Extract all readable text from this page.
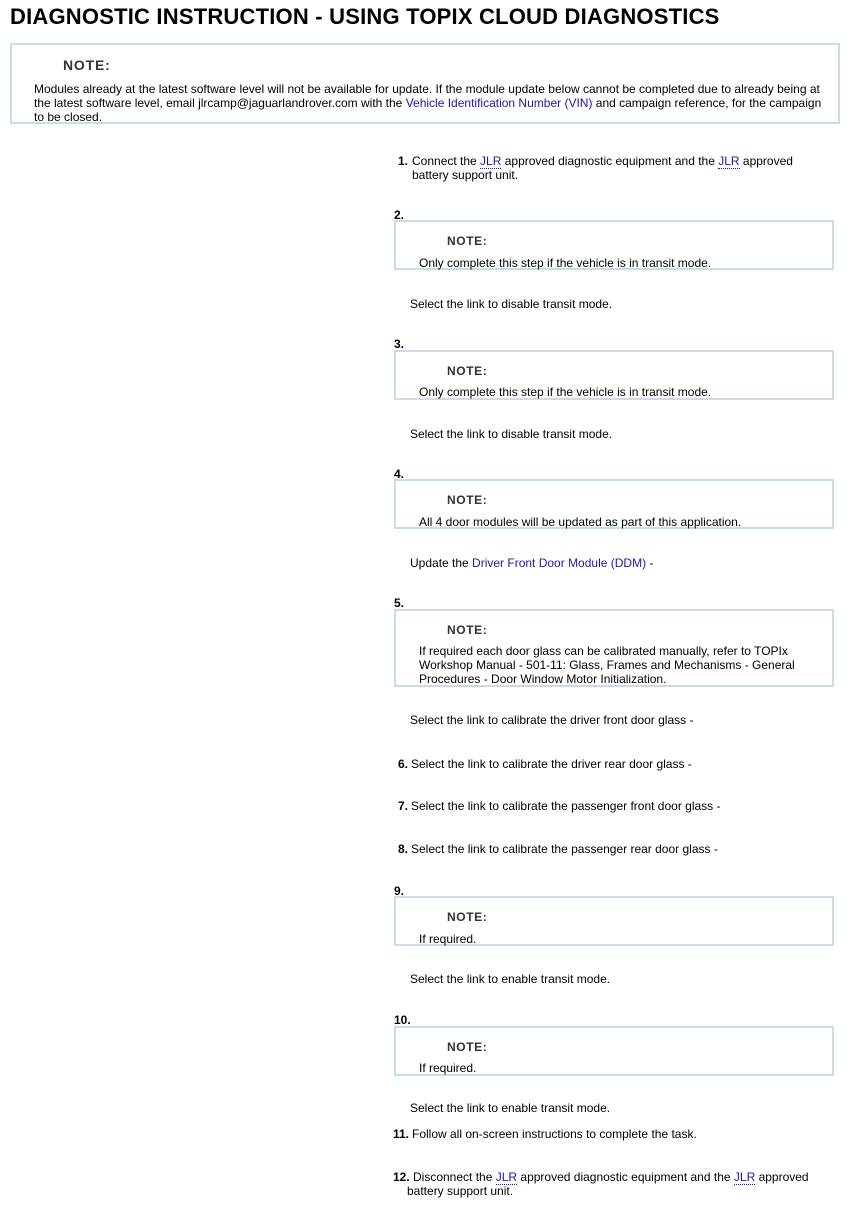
DIAGNOSTIC INSTRUCTION - USING TOPIX CLOUD DIAGNOSTICS
NOTE:
Modules already at the latest software level will not be available for update. If the module update below cannot be completed due to already being at the latest software level, email jlrcamp@jaguarlandrover.com with the Vehicle Identification Number (VIN) and campaign reference, for the campaign to be closed.
1. Connect the JLR approved diagnostic equipment and the JLR approved battery support unit.
2.
NOTE:
Only complete this step if the vehicle is in transit mode.
Select the link to disable transit mode.
3.
NOTE:
Only complete this step if the vehicle is in transit mode.
Select the link to disable transit mode.
4.
NOTE:
All 4 door modules will be updated as part of this application.
Update the Driver Front Door Module (DDM) -
5.
NOTE:
If required each door glass can be calibrated manually, refer to TOPIx Workshop Manual - 501-11: Glass, Frames and Mechanisms - General Procedures - Door Window Motor Initialization.
Select the link to calibrate the driver front door glass -
6. Select the link to calibrate the driver rear door glass -
7. Select the link to calibrate the passenger front door glass -
8. Select the link to calibrate the passenger rear door glass -
9.
NOTE:
If required.
Select the link to enable transit mode.
10.
NOTE:
If required.
Select the link to enable transit mode.
11. Follow all on-screen instructions to complete the task.
12. Disconnect the JLR approved diagnostic equipment and the JLR approved battery support unit.
